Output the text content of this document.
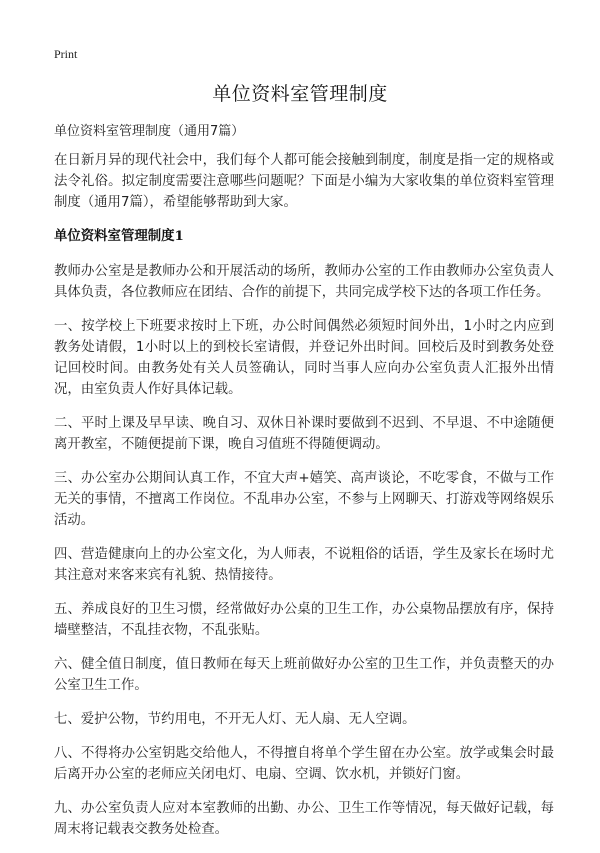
Print
单位资料室管理制度

单位资料室管理制度（通用7篇）

在日新月异的现代社会中，我们每个人都可能会接触到制度，制度是指一定的规格或法令礼俗。拟定制度需要注意哪些问题呢？下面是小编为大家收集的单位资料室管理制度（通用7篇），希望能够帮助到大家。

单位资料室管理制度1

教师办公室是是教师办公和开展活动的场所，教师办公室的工作由教师办公室负责人具体负责，各位教师应在团结、合作的前提下，共同完成学校下达的各项工作任务。

一、按学校上下班要求按时上下班，办公时间偶然必须短时间外出，1小时之内应到教务处请假，1小时以上的到校长室请假，并登记外出时间。回校后及时到教务处登记回校时间。由教务处有关人员签确认，同时当事人应向办公室负责人汇报外出情况，由室负责人作好具体记载。

二、平时上课及早早读、晚自习、双休日补课时要做到不迟到、不早退、不中途随便离开教室，不随便提前下课，晚自习值班不得随便调动。

三、办公室办公期间认真工作，不宜大声+嬉笑、高声谈论，不吃零食，不做与工作无关的事情，不擅离工作岗位。不乱串办公室，不参与上网聊天、打游戏等网络娱乐活动。

四、营造健康向上的办公室文化，为人师表，不说粗俗的话语，学生及家长在场时尤其注意对来客来宾有礼貌、热情接待。

五、养成良好的卫生习惯，经常做好办公桌的卫生工作，办公桌物品摆放有序，保持墙壁整洁，不乱挂衣物，不乱张贴。

六、健全值日制度，值日教师在每天上班前做好办公室的卫生工作，并负责整天的办公室卫生工作。

七、爱护公物，节约用电，不开无人灯、无人扇、无人空调。

八、不得将办公室钥匙交给他人，不得擅自将单个学生留在办公室。放学或集会时最后离开办公室的老师应关闭电灯、电扇、空调、饮水机，并锁好门窗。

九、办公室负责人应对本室教师的出勤、办公、卫生工作等情况，每天做好记载，每周末将记载表交教务处检查。
